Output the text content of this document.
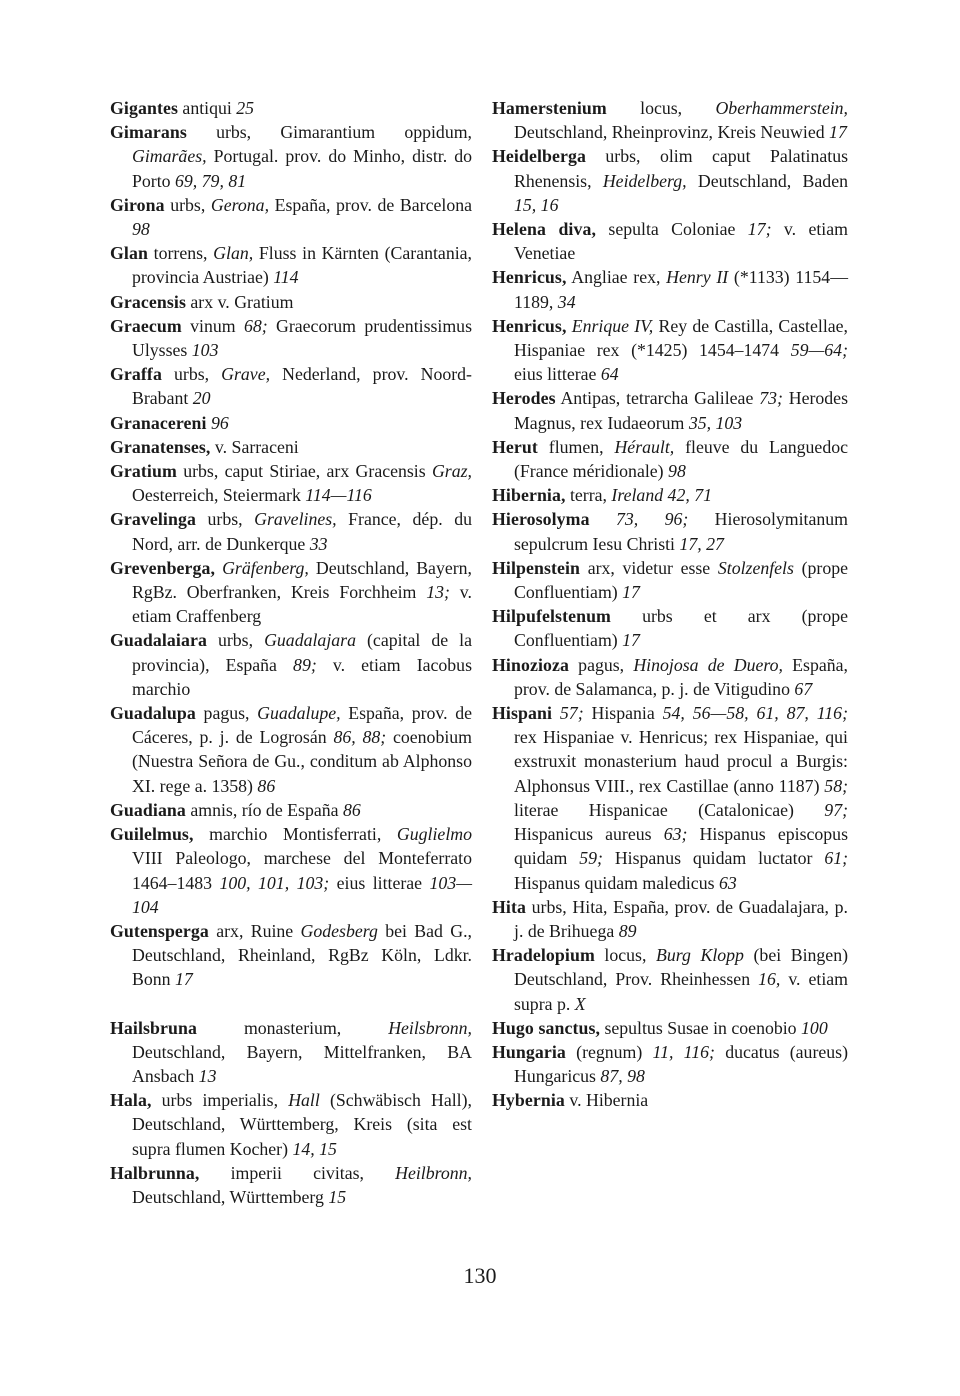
Gigantes antiqui 25

Gimarans urbs, Gimarantium oppidum, Gimarães, Portugal. prov. do Minho, distr. do Porto 69, 79, 81

Girona urbs, Gerona, España, prov. de Barcelona 98

Glan torrens, Glan, Fluss in Kärnten (Carantania, provincia Austriae) 114

Gracensis arx v. Gratium

Graecum vinum 68; Graecorum prudentissimus Ulysses 103

Graffa urbs, Grave, Nederland, prov. Noord-Brabant 20

Granacereni 96

Granatenses, v. Sarraceni

Gratium urbs, caput Stiriae, arx Gracensis Graz, Oesterreich, Steiermark 114—116

Gravelinga urbs, Gravelines, France, dép. du Nord, arr. de Dunkerque 33

Grevenberga, Gräfenberg, Deutschland, Bayern, RgBz. Oberfranken, Kreis Forchheim 13; v. etiam Craffenberg

Guadalaiara urbs, Guadalajara (capital de la provincia), España 89; v. etiam Iacobus marchio

Guadalupa pagus, Guadalupe, España, prov. de Cáceres, p. j. de Logrosán 86, 88; coenobium (Nuestra Señora de Gu., conditum ab Alphonso XI. rege a. 1358) 86

Guadiana amnis, río de España 86

Guilelmus, marchio Montisferrati, Guglielmo VIII Paleologo, marchese del Monteferrato 1464–1483 100, 101, 103; eius litterae 103—104

Gutensperga arx, Ruine Godesberg bei Bad G., Deutschland, Rheinland, RgBz Köln, Ldkr. Bonn 17

Hailsbruna monasterium, Heilsbronn, Deutschland, Bayern, Mittelfranken, BA Ansbach 13

Hala, urbs imperialis, Hall (Schwäbisch Hall), Deutschland, Württemberg, Kreis (sita est supra flumen Kocher) 14, 15

Halbrunna, imperii civitas, Heilbronn, Deutschland, Württemberg 15

Hamerstenium locus, Oberhammerstein, Deutschland, Rheinprovinz, Kreis Neuwied 17

Heidelberga urbs, olim caput Palatinatus Rhenensis, Heidelberg, Deutschland, Baden 15, 16

Helena diva, sepulta Coloniae 17; v. etiam Venetiae

Henricus, Angliae rex, Henry II (*1133) 1154—1189, 34

Henricus, Enrique IV, Rey de Castilla, Castellae, Hispaniae rex (*1425) 1454–1474 59—64; eius litterae 64

Herodes Antipas, tetrarcha Galileae 73; Herodes Magnus, rex Iudaeorum 35, 103

Herut flumen, Hérault, fleuve du Languedoc (France méridionale) 98

Hibernia, terra, Ireland 42, 71

Hierosolyma 73, 96; Hierosolymitanum sepulcrum Iesu Christi 17, 27

Hilpenstein arx, videtur esse Stolzenfels (prope Confluentiam) 17

Hilpufelstenum urbs et arx (prope Confluentiam) 17

Hinozioza pagus, Hinojosa de Duero, España, prov. de Salamanca, p. j. de Vitigudino 67

Hispani 57; Hispania 54, 56—58, 61, 87, 116; rex Hispaniae v. Henricus; rex Hispaniae, qui exstruxit monasterium haud procul a Burgis: Alphonsus VIII., rex Castillae (anno 1187) 58; literae Hispanicae (Catalonicae) 97; Hispanicus aureus 63; Hispanus episcopus quidam 59; Hispanus quidam luctator 61; Hispanus quidam maledicus 63

Hita urbs, Hita, España, prov. de Guadalajara, p. j. de Brihuega 89

Hradelopium locus, Burg Klopp (bei Bingen) Deutschland, Prov. Rheinhessen 16, v. etiam supra p. X

Hugo sanctus, sepultus Susae in coenobio 100

Hungaria (regnum) 11, 116; ducatus (aureus) Hungaricus 87, 98

Hybernia v. Hibernia

130
